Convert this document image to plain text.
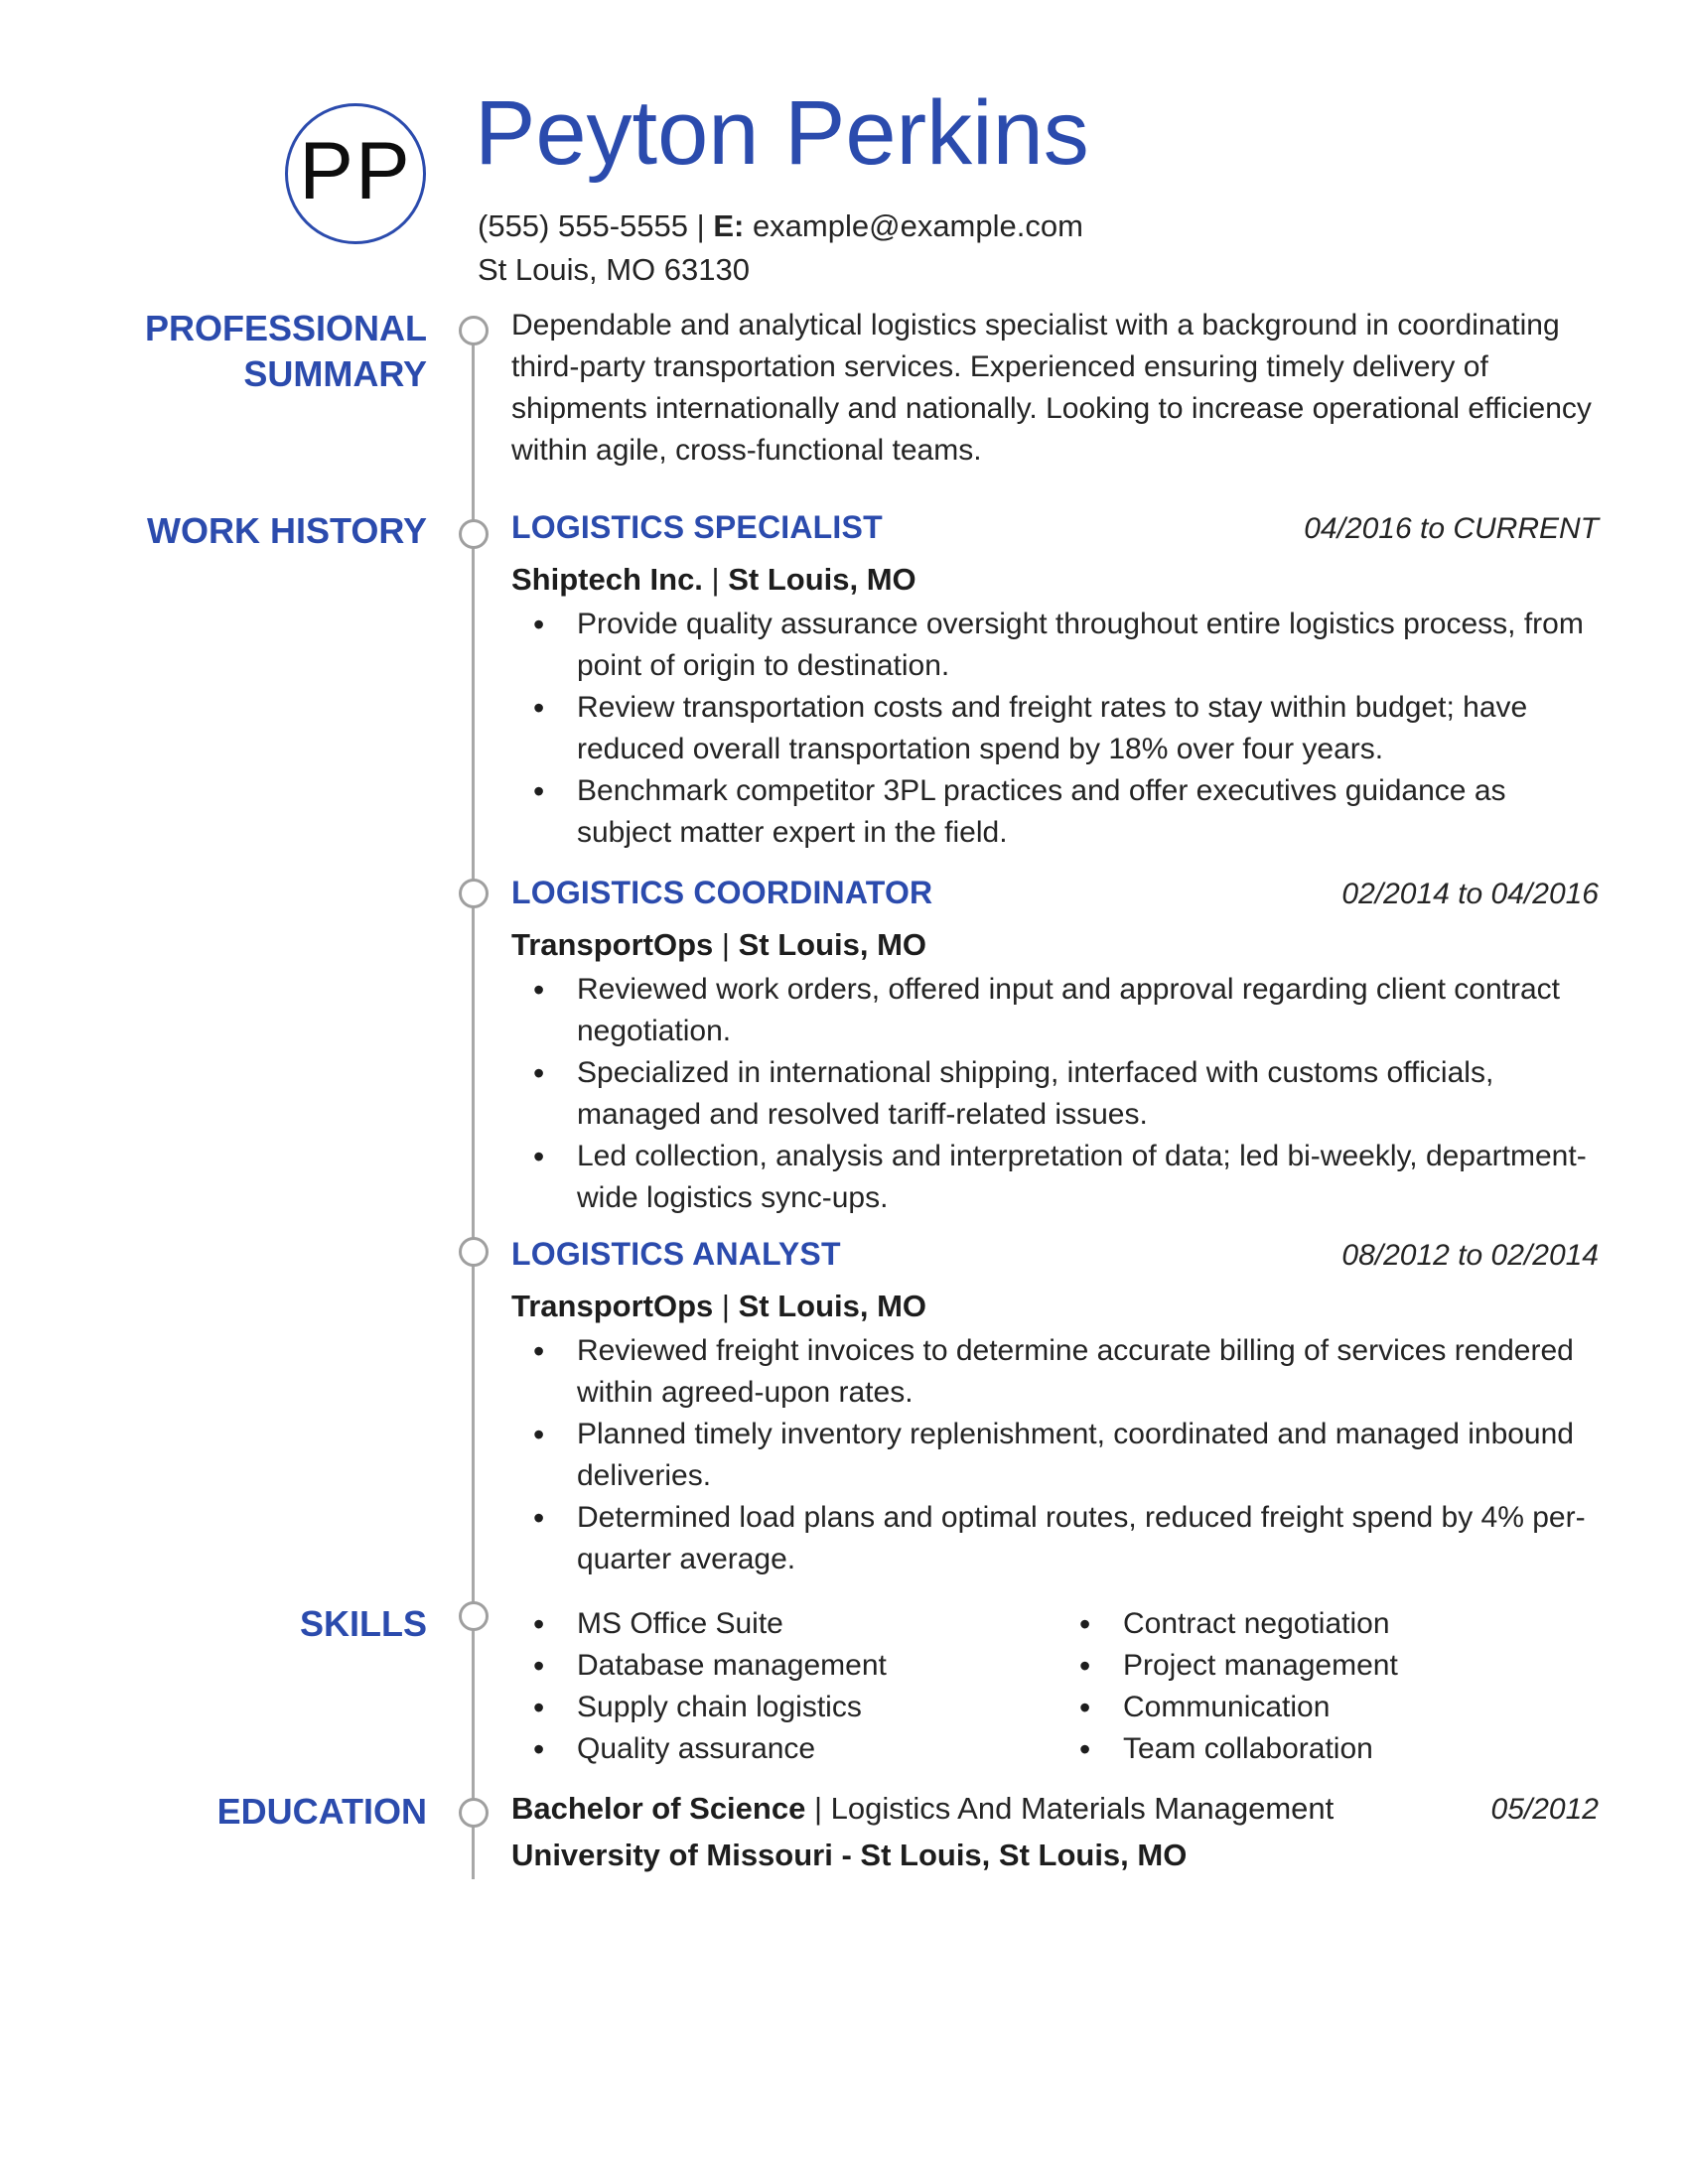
PP Peyton Perkins
(555) 555-5555 | E: example@example.com
St Louis, MO 63130
PROFESSIONAL
SUMMARY
WORK HISTORY
SKILLS
EDUCATION
Dependable and analytical logistics specialist with a background in coordinating third-party transportation services. Experienced ensuring timely delivery of shipments internationally and nationally. Looking to increase operational efficiency within agile, cross-functional teams.
LOGISTICS SPECIALIST	04/2016 to CURRENT
Shiptech Inc. | St Louis, MO
• Provide quality assurance oversight throughout entire logistics process, from point of origin to destination.
• Review transportation costs and freight rates to stay within budget; have reduced overall transportation spend by 18% over four years.
• Benchmark competitor 3PL practices and offer executives guidance as subject matter expert in the field.
LOGISTICS COORDINATOR	02/2014 to 04/2016
TransportOps | St Louis, MO
• Reviewed work orders, offered input and approval regarding client contract negotiation.
• Specialized in international shipping, interfaced with customs officials, managed and resolved tariff-related issues.
• Led collection, analysis and interpretation of data; led bi-weekly, department-wide logistics sync-ups.
LOGISTICS ANALYST	08/2012 to 02/2014
TransportOps | St Louis, MO
• Reviewed freight invoices to determine accurate billing of services rendered within agreed-upon rates.
• Planned timely inventory replenishment, coordinated and managed inbound deliveries.
• Determined load plans and optimal routes, reduced freight spend by 4% per-quarter average.
• MS Office Suite
• Database management
• Supply chain logistics
• Quality assurance
• Contract negotiation
• Project management
• Communication
• Team collaboration
Bachelor of Science | Logistics And Materials Management	05/2012
University of Missouri - St Louis, St Louis, MO
